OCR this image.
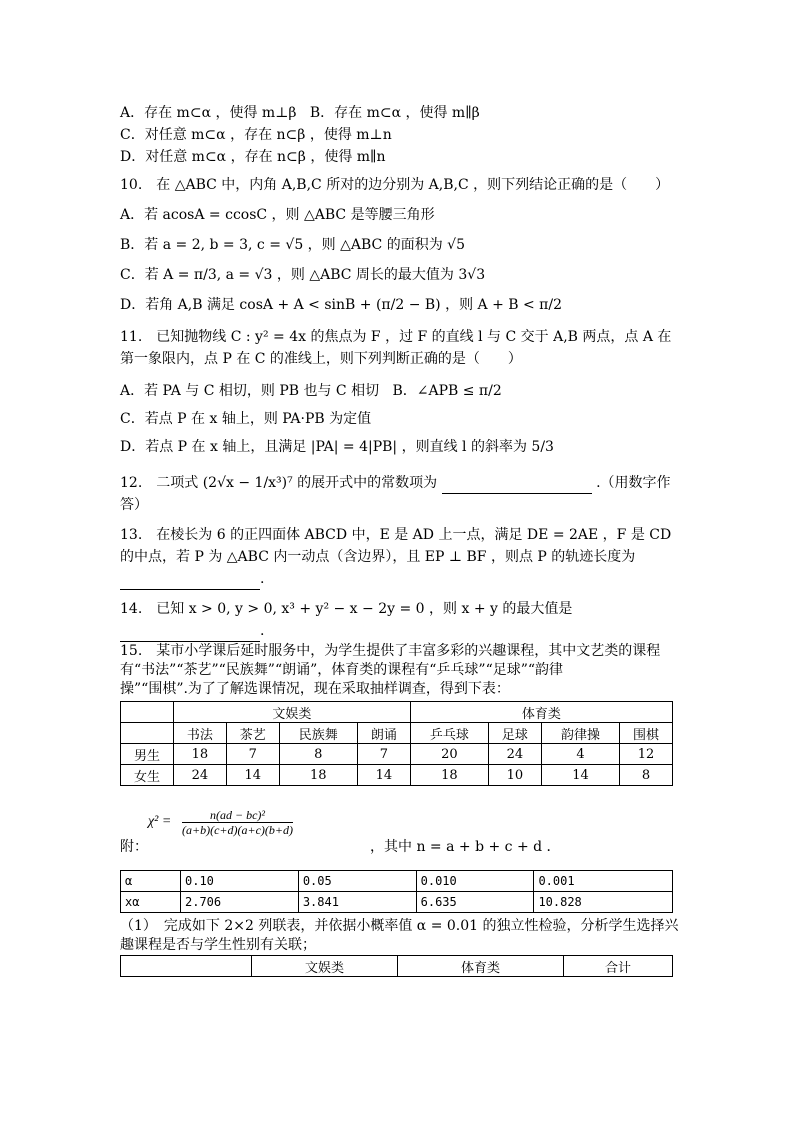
A．存在 m⊂α ，使得 m⊥β B．存在 m⊂α ，使得 m∥β

C．对任意 m⊂α ，存在 n⊂β ，使得 m⊥n

D．对任意 m⊂α ，存在 n⊂β ，使得 m∥n

10.　在 △ABC 中，内角 A,B,C 所对的边分别为 A,B,C ，则下列结论正确的是（　　）

A．若 acosA = ccosC ，则 △ABC 是等腰三角形

B．若 a = 2, b = 3, c = √5 ，则 △ABC 的面积为 √5

C．若 A = π/3, a = √3 ，则 △ABC 周长的最大值为 3√3

D．若角 A,B 满足 cosA + A < sinB + (π/2 − B) ，则 A + B < π/2

11.　已知抛物线 C : y² = 4x 的焦点为 F ，过 F 的直线 l 与 C 交于 A,B 两点，点 A 在第一象限内，点 P 在 C 的准线上，则下列判断正确的是（　　）

A．若 PA 与 C 相切，则 PB 也与 C 相切 B．∠APB ≤ π/2

C．若点 P 在 x 轴上，则 PA·PB 为定值

D．若点 P 在 x 轴上，且满足 |PA| = 4|PB| ，则直线 l 的斜率为 5/3

12.　二项式 (2√x − 1/x³)⁷ 的展开式中的常数项为	.（用数字作答）

13.　在棱长为 6 的正四面体 ABCD 中，E 是 AD 上一点，满足 DE = 2AE ，F 是 CD 的中点，若 P 为 △ABC 内一动点（含边界），且 EP ⊥ BF ，则点 P 的轨迹长度为 .

14.　已知 x > 0, y > 0, x³ + y² − x − 2y = 0 ，则 x + y 的最大值是

.

15.　某市小学课后延时服务中，为学生提供了丰富多彩的兴趣课程，其中文艺类的课程

有“书法”“茶艺”“民族舞”“朗诵”，体育类的课程有“乒乓球”“足球”“韵律

操”“围棋”.为了了解选课情况，现在采取抽样调查，得到下表：

	文娱类				体育类			
	书法	茶艺	民族舞	朗诵	乒乓球	足球	韵律操	围棋
男生	18	7	8	7	20	24	4	12
女生	24	14	18	14	18	10	14	8
附：
$\chi^2 = \frac{\text{n(ad − bc)²}}{(a+b)(c+d)(a+c)(b+d)}$
，其中 n = a + b + c + d ．
α	0.10	0.05	0.010	0.001
xα	2.706	3.841	6.635	10.828

（1）　完成如下 2×2 列联表，并依据小概率值 α = 0.01 的独立性检验，分析学生选择兴

趣课程是否与学生性别有关联；

	文娱类	体育类	合计
